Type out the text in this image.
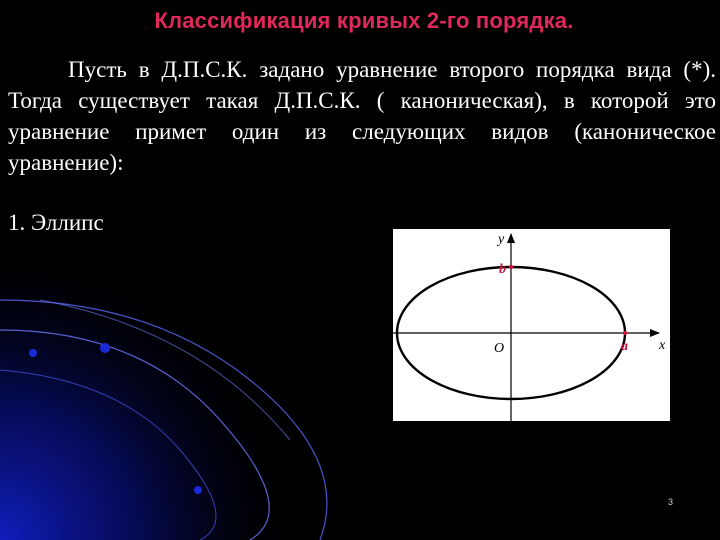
Классификация кривых 2-го порядка.

Пусть в Д.П.С.К. задано уравнение второго порядка вида (*). Тогда существует такая Д.П.С.К. ( каноническая), в которой это уравнение примет один из следующих видов (каноническое уравнение):

1. Эллипс
y
x
O	a
b
3
